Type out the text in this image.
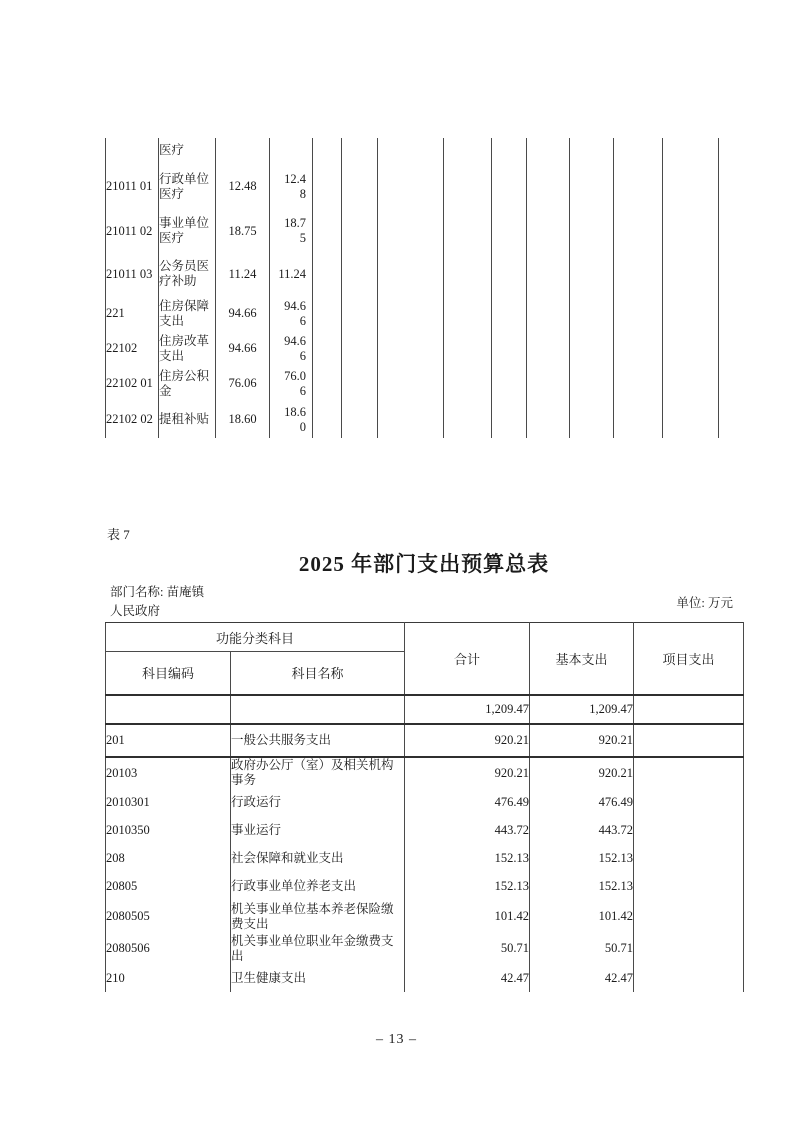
	医疗											
21011 01	行政单位医疗	12.48	12.48									

21011 02	事业单位医疗	18.75	18.75									

21011 03	公务员医疗补助	11.24	11.24									

221	住房保障支出	94.66	94.66									

22102	住房改革支出	94.66	94.66									

22102 01	住房公积金	76.06	76.06									

22102 02	提租补贴	18.60	18.60									

表 7
2025 年部门支出预算总表
部门名称: 苗庵镇
人民政府
单位: 万元
功能分类科目		合计	基本支出	项目支出
科目编码	科目名称			
		1,209.47	1,209.47	
201	一般公共服务支出	920.21	920.21	
20103	政府办公厅（室）及相关机构事务	920.21	920.21	
2010301	行政运行	476.49	476.49	
2010350	事业运行	443.72	443.72	
208	社会保障和就业支出	152.13	152.13	
20805	行政事业单位养老支出	152.13	152.13	
2080505	机关事业单位基本养老保险缴费支出	101.42	101.42	
2080506	机关事业单位职业年金缴费支出	50.71	50.71	
210	卫生健康支出	42.47	42.47	
– 13 –
